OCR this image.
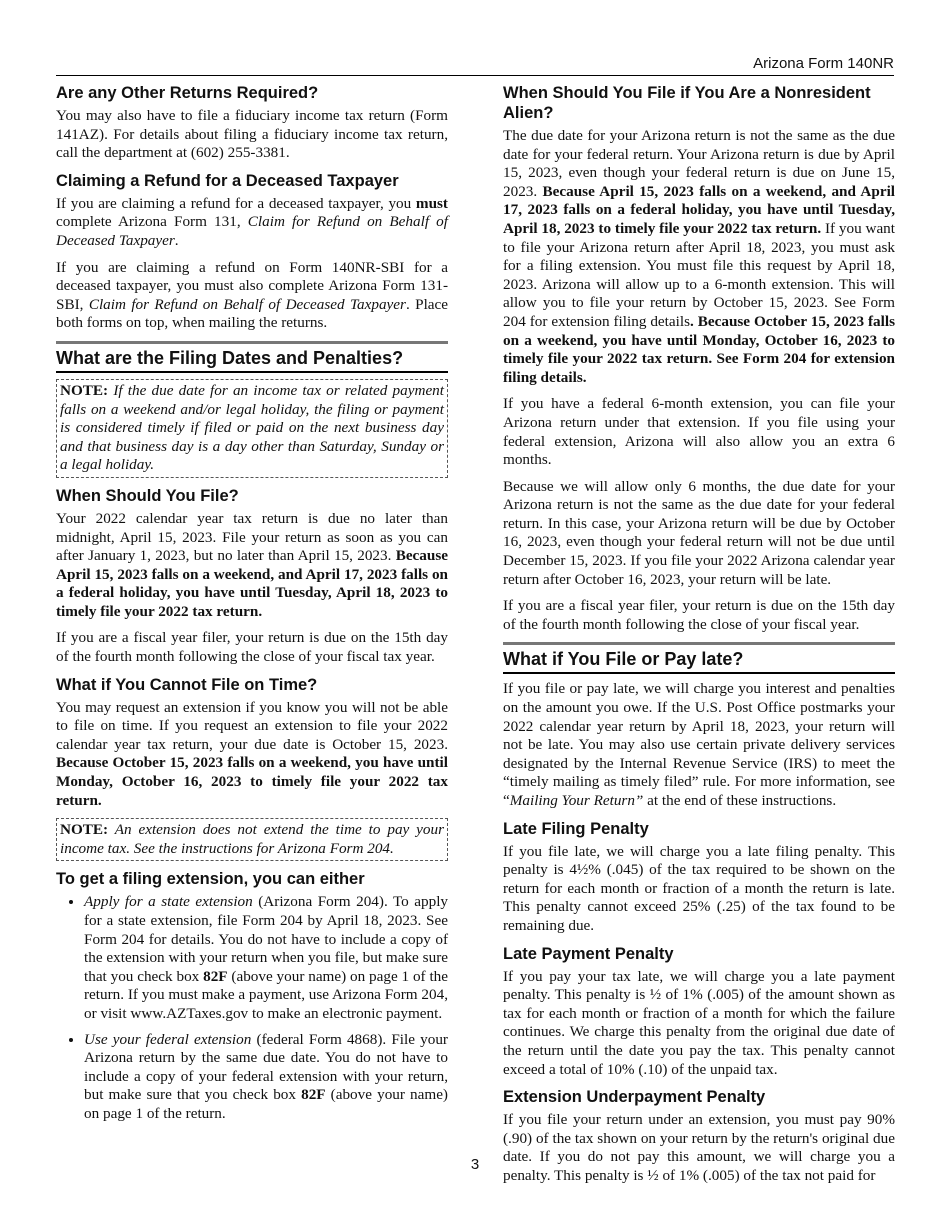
Arizona Form 140NR
Are any Other Returns Required?

You may also have to file a fiduciary income tax return (Form 141AZ). For details about filing a fiduciary income tax return, call the department at (602) 255-3381.

Claiming a Refund for a Deceased Taxpayer

If you are claiming a refund for a deceased taxpayer, you must complete Arizona Form 131, Claim for Refund on Behalf of Deceased Taxpayer.

If you are claiming a refund on Form 140NR-SBI for a deceased taxpayer, you must also complete Arizona Form 131-SBI, Claim for Refund on Behalf of Deceased Taxpayer. Place both forms on top, when mailing the returns.

What are the Filing Dates and Penalties?
NOTE: If the due date for an income tax or related payment falls on a weekend and/or legal holiday, the filing or payment is considered timely if filed or paid on the next business day and that business day is a day other than Saturday, Sunday or a legal holiday.
When Should You File?

Your 2022 calendar year tax return is due no later than midnight, April 15, 2023. File your return as soon as you can after January 1, 2023, but no later than April 15, 2023. Because April 15, 2023 falls on a weekend, and April 17, 2023 falls on a federal holiday, you have until Tuesday, April 18, 2023 to timely file your 2022 tax return.

If you are a fiscal year filer, your return is due on the 15th day of the fourth month following the close of your fiscal tax year.

What if You Cannot File on Time?

You may request an extension if you know you will not be able to file on time. If you request an extension to file your 2022 calendar year tax return, your due date is October 15, 2023. Because October 15, 2023 falls on a weekend, you have until Monday, October 16, 2023 to timely file your 2022 tax return.

NOTE: An extension does not extend the time to pay your income tax. See the instructions for Arizona Form 204.
To get a filing extension, you can either
• Apply for a state extension (Arizona Form 204). To apply for a state extension, file Form 204 by April 18, 2023. See Form 204 for details. You do not have to include a copy of the extension with your return when you file, but make sure that you check box 82F (above your name) on page 1 of the return. If you must make a payment, use Arizona Form 204, or visit www.AZTaxes.gov to make an electronic payment.
• Use your federal extension (federal Form 4868). File your Arizona return by the same due date. You do not have to include a copy of your federal extension with your return, but make sure that you check box 82F (above your name) on page 1 of the return.
When Should You File if You Are a Nonresident Alien?

The due date for your Arizona return is not the same as the due date for your federal return. Your Arizona return is due by April 15, 2023, even though your federal return is due on June 15, 2023. Because April 15, 2023 falls on a weekend, and April 17, 2023 falls on a federal holiday, you have until Tuesday, April 18, 2023 to timely file your 2022 tax return. If you want to file your Arizona return after April 18, 2023, you must ask for a filing extension. You must file this request by April 18, 2023. Arizona will allow up to a 6-month extension. This will allow you to file your return by October 15, 2023. See Form 204 for extension filing details. Because October 15, 2023 falls on a weekend, you have until Monday, October 16, 2023 to timely file your 2022 tax return. See Form 204 for extension filing details.

If you have a federal 6-month extension, you can file your Arizona return under that extension. If you file using your federal extension, Arizona will also allow you an extra 6 months.

Because we will allow only 6 months, the due date for your Arizona return is not the same as the due date for your federal return. In this case, your Arizona return will be due by October 16, 2023, even though your federal return will not be due until December 15, 2023. If you file your 2022 Arizona calendar year return after October 16, 2023, your return will be late.

If you are a fiscal year filer, your return is due on the 15th day of the fourth month following the close of your fiscal year.

What if You File or Pay late?

If you file or pay late, we will charge you interest and penalties on the amount you owe. If the U.S. Post Office postmarks your 2022 calendar year return by April 18, 2023, your return will not be late. You may also use certain private delivery services designated by the Internal Revenue Service (IRS) to meet the “timely mailing as timely filed” rule. For more information, see “Mailing Your Return” at the end of these instructions.

Late Filing Penalty

If you file late, we will charge you a late filing penalty. This penalty is 4½% (.045) of the tax required to be shown on the return for each month or fraction of a month the return is late. This penalty cannot exceed 25% (.25) of the tax found to be remaining due.

Late Payment Penalty

If you pay your tax late, we will charge you a late payment penalty. This penalty is ½ of 1% (.005) of the amount shown as tax for each month or fraction of a month for which the failure continues. We charge this penalty from the original due date of the return until the date you pay the tax. This penalty cannot exceed a total of 10% (.10) of the unpaid tax.

Extension Underpayment Penalty

If you file your return under an extension, you must pay 90% (.90) of the tax shown on your return by the return's original due date. If you do not pay this amount, we will charge you a penalty. This penalty is ½ of 1% (.005) of the tax not paid for

3
